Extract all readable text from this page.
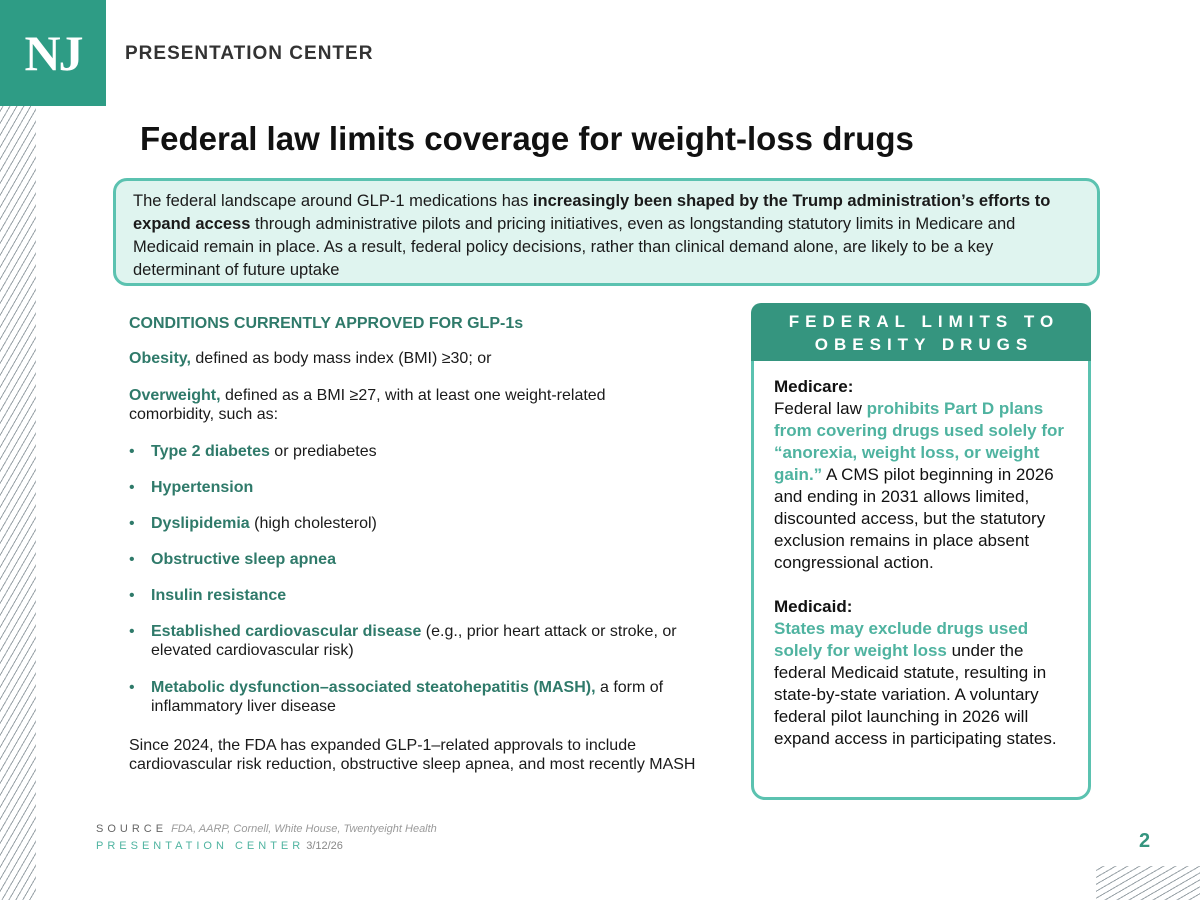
NJ PRESENTATION CENTER
Federal law limits coverage for weight-loss drugs
The federal landscape around GLP-1 medications has increasingly been shaped by the Trump administration’s efforts to expand access through administrative pilots and pricing initiatives, even as longstanding statutory limits in Medicare and Medicaid remain in place. As a result, federal policy decisions, rather than clinical demand alone, are likely to be a key determinant of future uptake
CONDITIONS CURRENTLY APPROVED FOR GLP-1s
Obesity, defined as body mass index (BMI) ≥30; or
Overweight, defined as a BMI ≥27, with at least one weight-related comorbidity, such as:
•	Type 2 diabetes or prediabetes
•	Hypertension
•	Dyslipidemia (high cholesterol)
•	Obstructive sleep apnea
•	Insulin resistance
•	Established cardiovascular disease (e.g., prior heart attack or stroke, or elevated cardiovascular risk)
•	Metabolic dysfunction–associated steatohepatitis (MASH), a form of inflammatory liver disease
Since 2024, the FDA has expanded GLP-1–related approvals to include cardiovascular risk reduction, obstructive sleep apnea, and most recently MASH
FEDERAL LIMITS TO OBESITY DRUGS
Medicare:
Federal law prohibits Part D plans from covering drugs used solely for “anorexia, weight loss, or weight gain.” A CMS pilot beginning in 2026 and ending in 2031 allows limited, discounted access, but the statutory exclusion remains in place absent congressional action.
Medicaid:
States may exclude drugs used solely for weight loss under the federal Medicaid statute, resulting in state-by-state variation. A voluntary federal pilot launching in 2026 will expand access in participating states.
SOURCE FDA, AARP, Cornell, White House, Twentyeight Health
PRESENTATION CENTER 3/12/26	2
